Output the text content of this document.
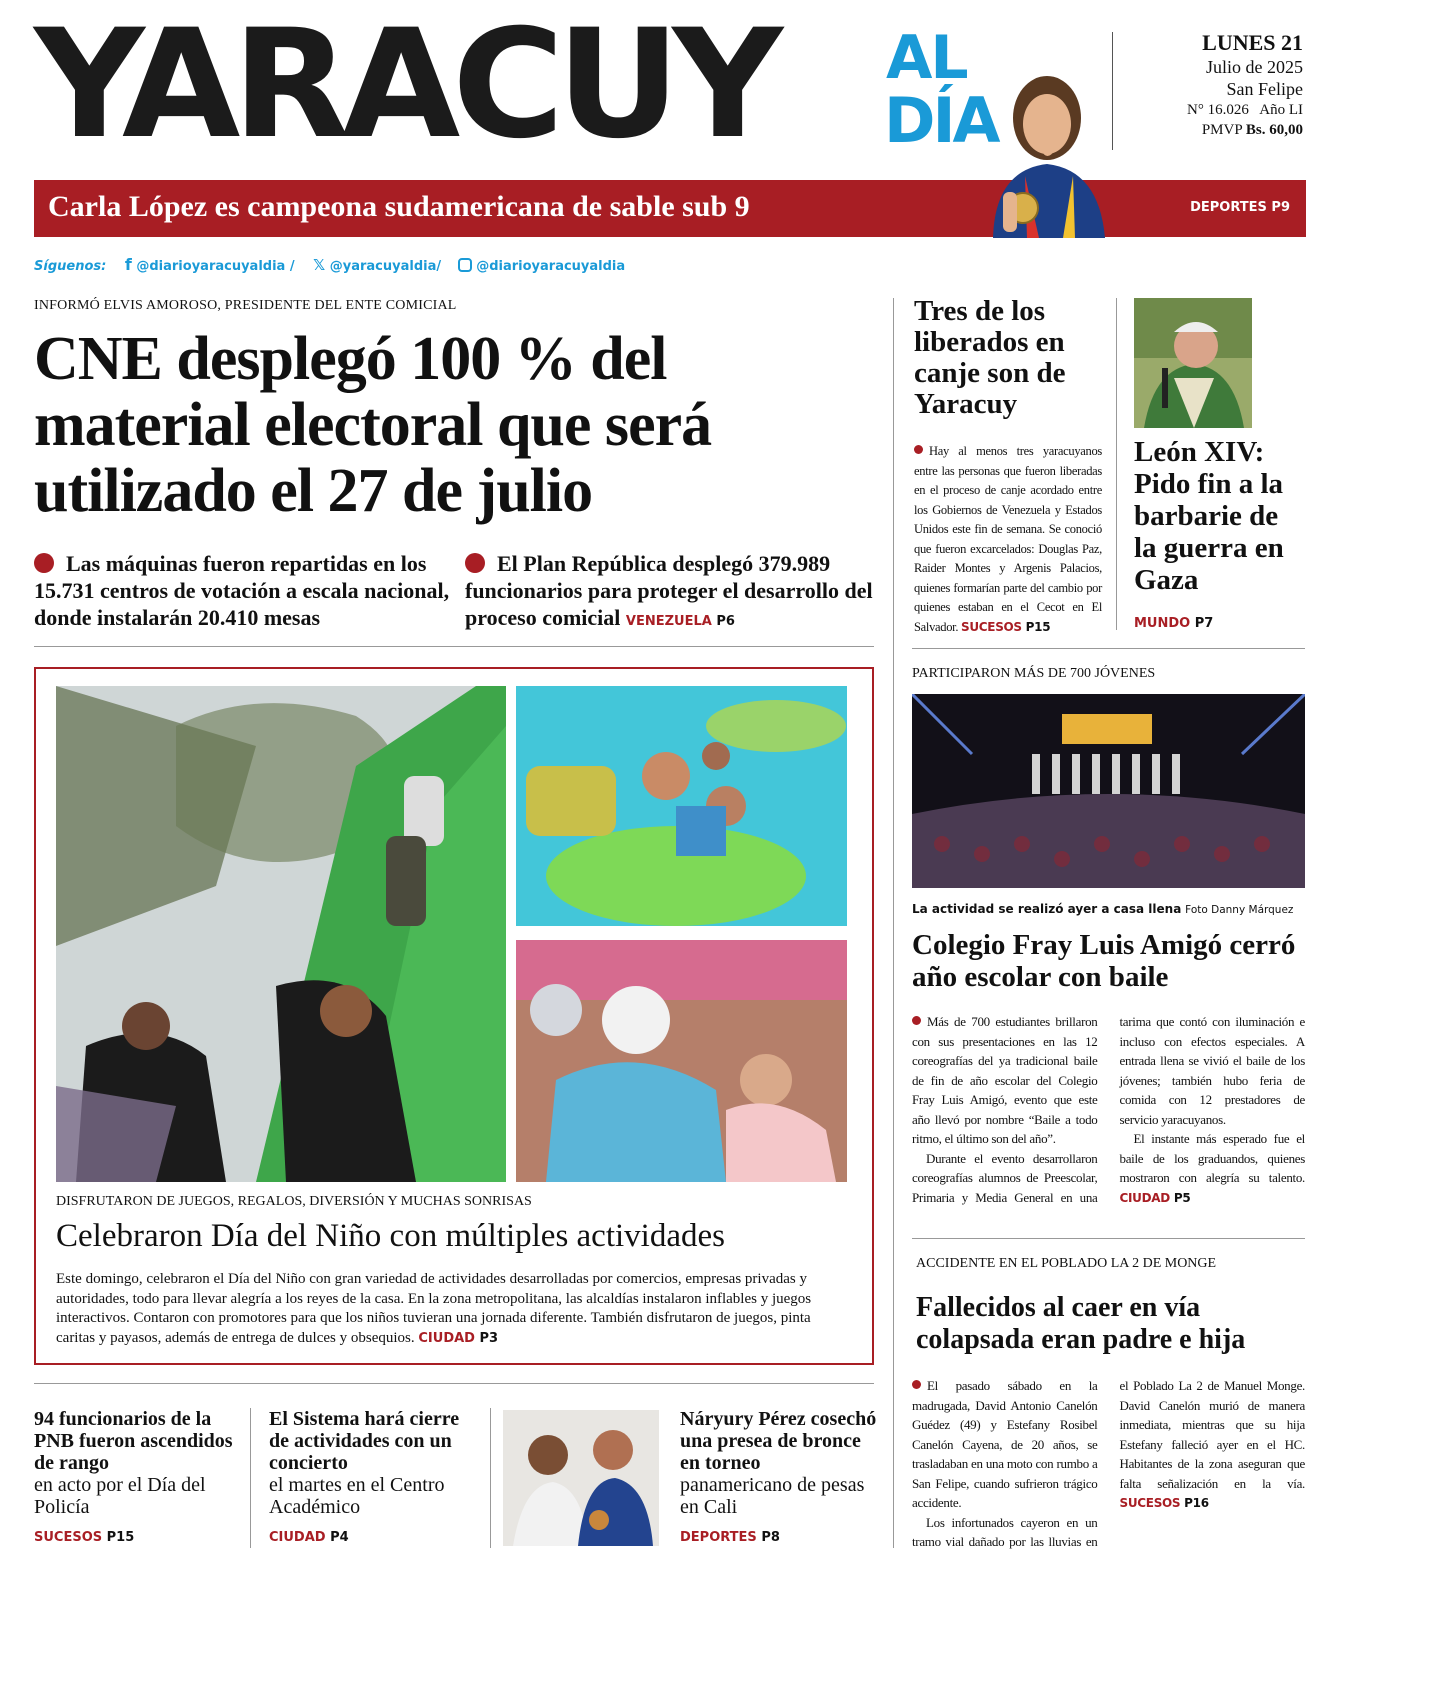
YARACUY AL
DÍA
LUNES 21
Julio de 2025
San Felipe
N° 16.026   Año LI
PMVP Bs. 60,00
Carla López es campeona sudamericana de sable sub 9	DEPORTES P9
Síguenos: f @diarioyaracuyaldia / 𝕏 @yaracuyaldia/	@diarioyaracuyaldia
INFORMÓ ELVIS AMOROSO, PRESIDENTE DEL ENTE COMICIAL
CNE desplegó 100 % del material electoral que será utilizado el 27 de julio
Las máquinas fueron repartidas en los 15.731 centros de votación a escala nacional, donde instalarán 20.410 mesas
El Plan República desplegó 379.989 funcionarios para proteger el desarrollo del proceso comicial VENEZUELA P6
DISFRUTARON DE JUEGOS, REGALOS, DIVERSIÓN Y MUCHAS SONRISAS
Celebraron Día del Niño con múltiples actividades
Este domingo, celebraron el Día del Niño con gran variedad de actividades desarrolladas por comercios, empresas privadas y autoridades, todo para llevar alegría a los reyes de la casa. En la zona metropolitana, las alcaldías instalaron inflables y juegos interactivos. Contaron con promotores para que los niños tuvieran una jornada diferente. También disfrutaron de juegos, pinta caritas y payasos, además de entrega de dulces y obsequios. CIUDAD P3
94 funcionarios de la PNB fueron ascendidos de rango
en acto por el Día del Policía
SUCESOS P15
El Sistema hará cierre de actividades con un concierto
el martes en el Centro Académico
CIUDAD P4
Náryury Pérez cosechó una presea de bronce en torneo
panamericano de pesas en Cali
DEPORTES P8
Tres de los liberados en canje son de Yaracuy
Hay al menos tres yaracuyanos entre las personas que fueron liberadas en el proceso de canje acordado entre los Gobiernos de Venezuela y Estados Unidos este fin de semana. Se conoció que fueron excarcelados: Douglas Paz, Raider Montes y Argenis Palacios, quienes formarían parte del cambio por quienes estaban en el Cecot en El Salvador. SUCESOS P15
León XIV: Pido fin a la barbarie de la guerra en Gaza
MUNDO P7
PARTICIPARON MÁS DE 700 JÓVENES
La actividad se realizó ayer a casa llena Foto Danny Márquez
Colegio Fray Luis Amigó cerró año escolar con baile

Más de 700 estudiantes brillaron con sus presentaciones en las 12 coreografías del ya tradicional baile de fin de año escolar del Colegio Fray Luis Amigó, evento que este año llevó por nombre “Baile a todo ritmo, el último son del año”.

Durante el evento desarrollaron coreografías alumnos de Preescolar, Primaria y Media General en una tarima que contó con iluminación e incluso con efectos especiales. A entrada llena se vivió el baile de los jóvenes; también hubo feria de comida con 12 prestadores de servicio yaracuyanos.

El instante más esperado fue el baile de los graduandos, quienes mostraron con alegría su talento. CIUDAD P5

ACCIDENTE EN EL POBLADO LA 2 DE MONGE
Fallecidos al caer en vía colapsada eran padre e hija

El pasado sábado en la madrugada, David Antonio Canelón Guédez (49) y Estefany Rosibel Canelón Cayena, de 20 años, se trasladaban en una moto con rumbo a San Felipe, cuando sufrieron trágico accidente.

Los infortunados cayeron en un tramo vial dañado por las lluvias en el Poblado La 2 de Manuel Monge. David Canelón murió de manera inmediata, mientras que su hija Estefany falleció ayer en el HC. Habitantes de la zona aseguran que falta señalización en la vía. SUCESOS P16
